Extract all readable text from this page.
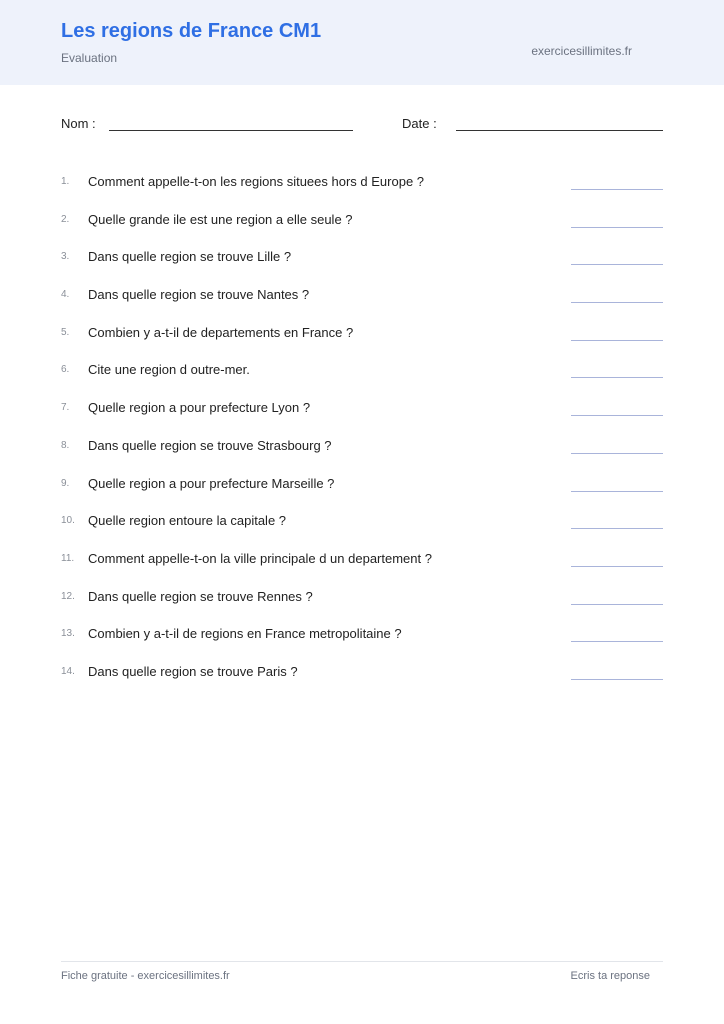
Les regions de France CM1
Evaluation	exercicesillimites.fr
Nom :	Date :
1.	Comment appelle-t-on les regions situees hors d Europe ?
2.	Quelle grande ile est une region a elle seule ?
3.	Dans quelle region se trouve Lille ?
4.	Dans quelle region se trouve Nantes ?
5.	Combien y a-t-il de departements en France ?
6.	Cite une region d outre-mer.
7.	Quelle region a pour prefecture Lyon ?
8.	Dans quelle region se trouve Strasbourg ?
9.	Quelle region a pour prefecture Marseille ?
10.	Quelle region entoure la capitale ?
11.	Comment appelle-t-on la ville principale d un departement ?
12.	Dans quelle region se trouve Rennes ?
13.	Combien y a-t-il de regions en France metropolitaine ?
14.	Dans quelle region se trouve Paris ?
Fiche gratuite - exercicesillimites.fr	Ecris ta reponse
